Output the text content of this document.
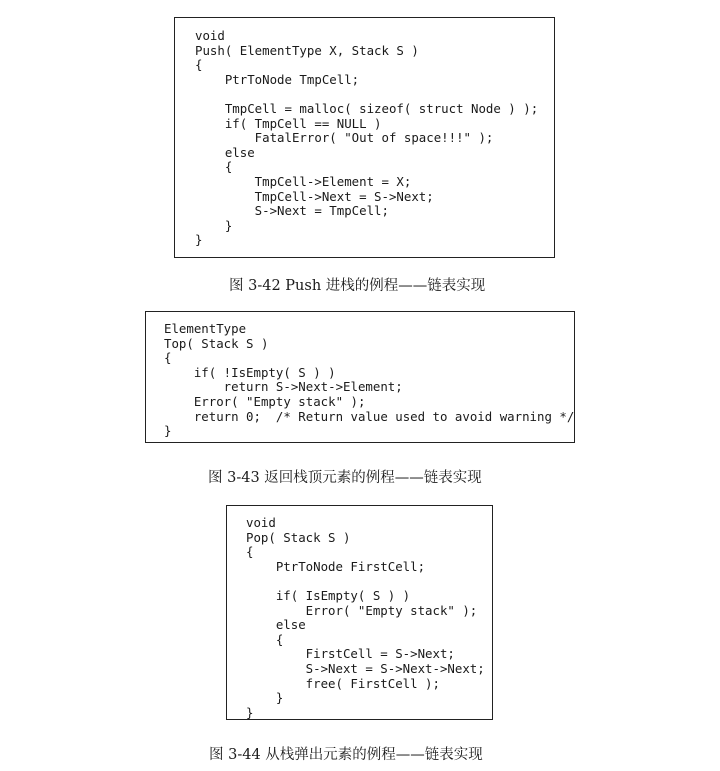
void
Push( ElementType X, Stack S )
{
PtrToNode TmpCell;

TmpCell = malloc( sizeof( struct Node ) );
if( TmpCell == NULL )
FatalError( "Out of space!!!" );
else
{
TmpCell->Element = X;
TmpCell->Next = S->Next;
S->Next = TmpCell;
}
}
图 3-42 Push 进栈的例程——链表实现
ElementType
Top( Stack S )
{
if( !IsEmpty( S ) )
return S->Next->Element;
Error( "Empty stack" );
return 0;  /* Return value used to avoid warning */
}
图 3-43 返回栈顶元素的例程——链表实现
void
Pop( Stack S )
{
PtrToNode FirstCell;

if( IsEmpty( S ) )
Error( "Empty stack" );
else
{
FirstCell = S->Next;
S->Next = S->Next->Next;
free( FirstCell );
}
}
图 3-44 从栈弹出元素的例程——链表实现
